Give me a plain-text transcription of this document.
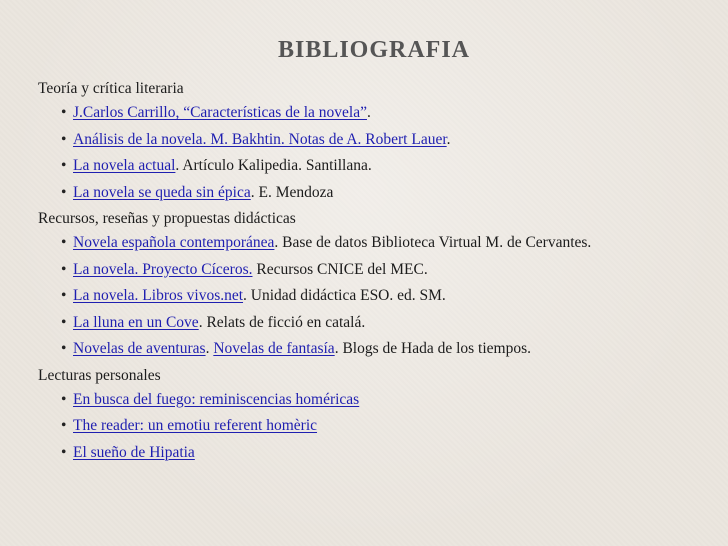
BIBLIOGRAFIA

Teoría y crítica literaria

• J.Carlos Carrillo, “Características de la novela”.
• Análisis de la novela. M. Bakhtin. Notas de A. Robert Lauer.
• La novela actual. Artículo Kalipedia. Santillana.
• La novela se queda sin épica. E. Mendoza

Recursos, reseñas y propuestas didácticas

• Novela española contemporánea. Base de datos Biblioteca Virtual M. de Cervantes.
• La novela. Proyecto Cíceros. Recursos CNICE del MEC.
• La novela. Libros vivos.net. Unidad didáctica ESO. ed. SM.
• La lluna en un Cove. Relats de ficció en catalá.
• Novelas de aventuras. Novelas de fantasía. Blogs de Hada de los tiempos.

Lecturas personales

• En busca del fuego: reminiscencias homéricas
• The reader: un emotiu referent homèric
• El sueño de Hipatia
